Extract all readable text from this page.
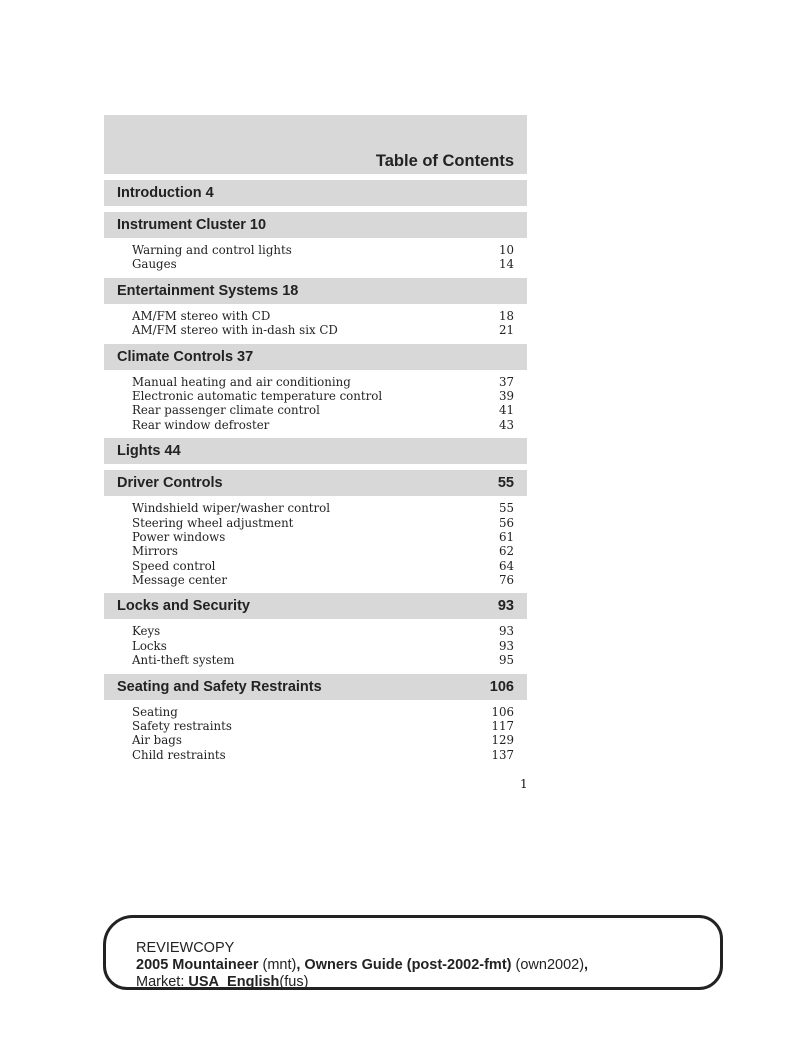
Table of Contents
Introduction 4
Instrument Cluster 10
Warning and control lights	10
Gauges	14
Entertainment Systems 18
AM/FM stereo with CD	18
AM/FM stereo with in-dash six CD	21
Climate Controls 37
Manual heating and air conditioning	37
Electronic automatic temperature control	39
Rear passenger climate control	41
Rear window defroster	43
Lights 44
Driver Controls	55
Windshield wiper/washer control	55
Steering wheel adjustment	56
Power windows	61
Mirrors	62
Speed control	64
Message center	76
Locks and Security	93
Keys	93
Locks	93
Anti-theft system	95
Seating and Safety Restraints	106
Seating	106
Safety restraints	117
Air bags	129
Child restraints	137
1
REVIEWCOPY
2005 Mountaineer (mnt), Owners Guide (post-2002-fmt) (own2002),
Market: USA_English(fus)
